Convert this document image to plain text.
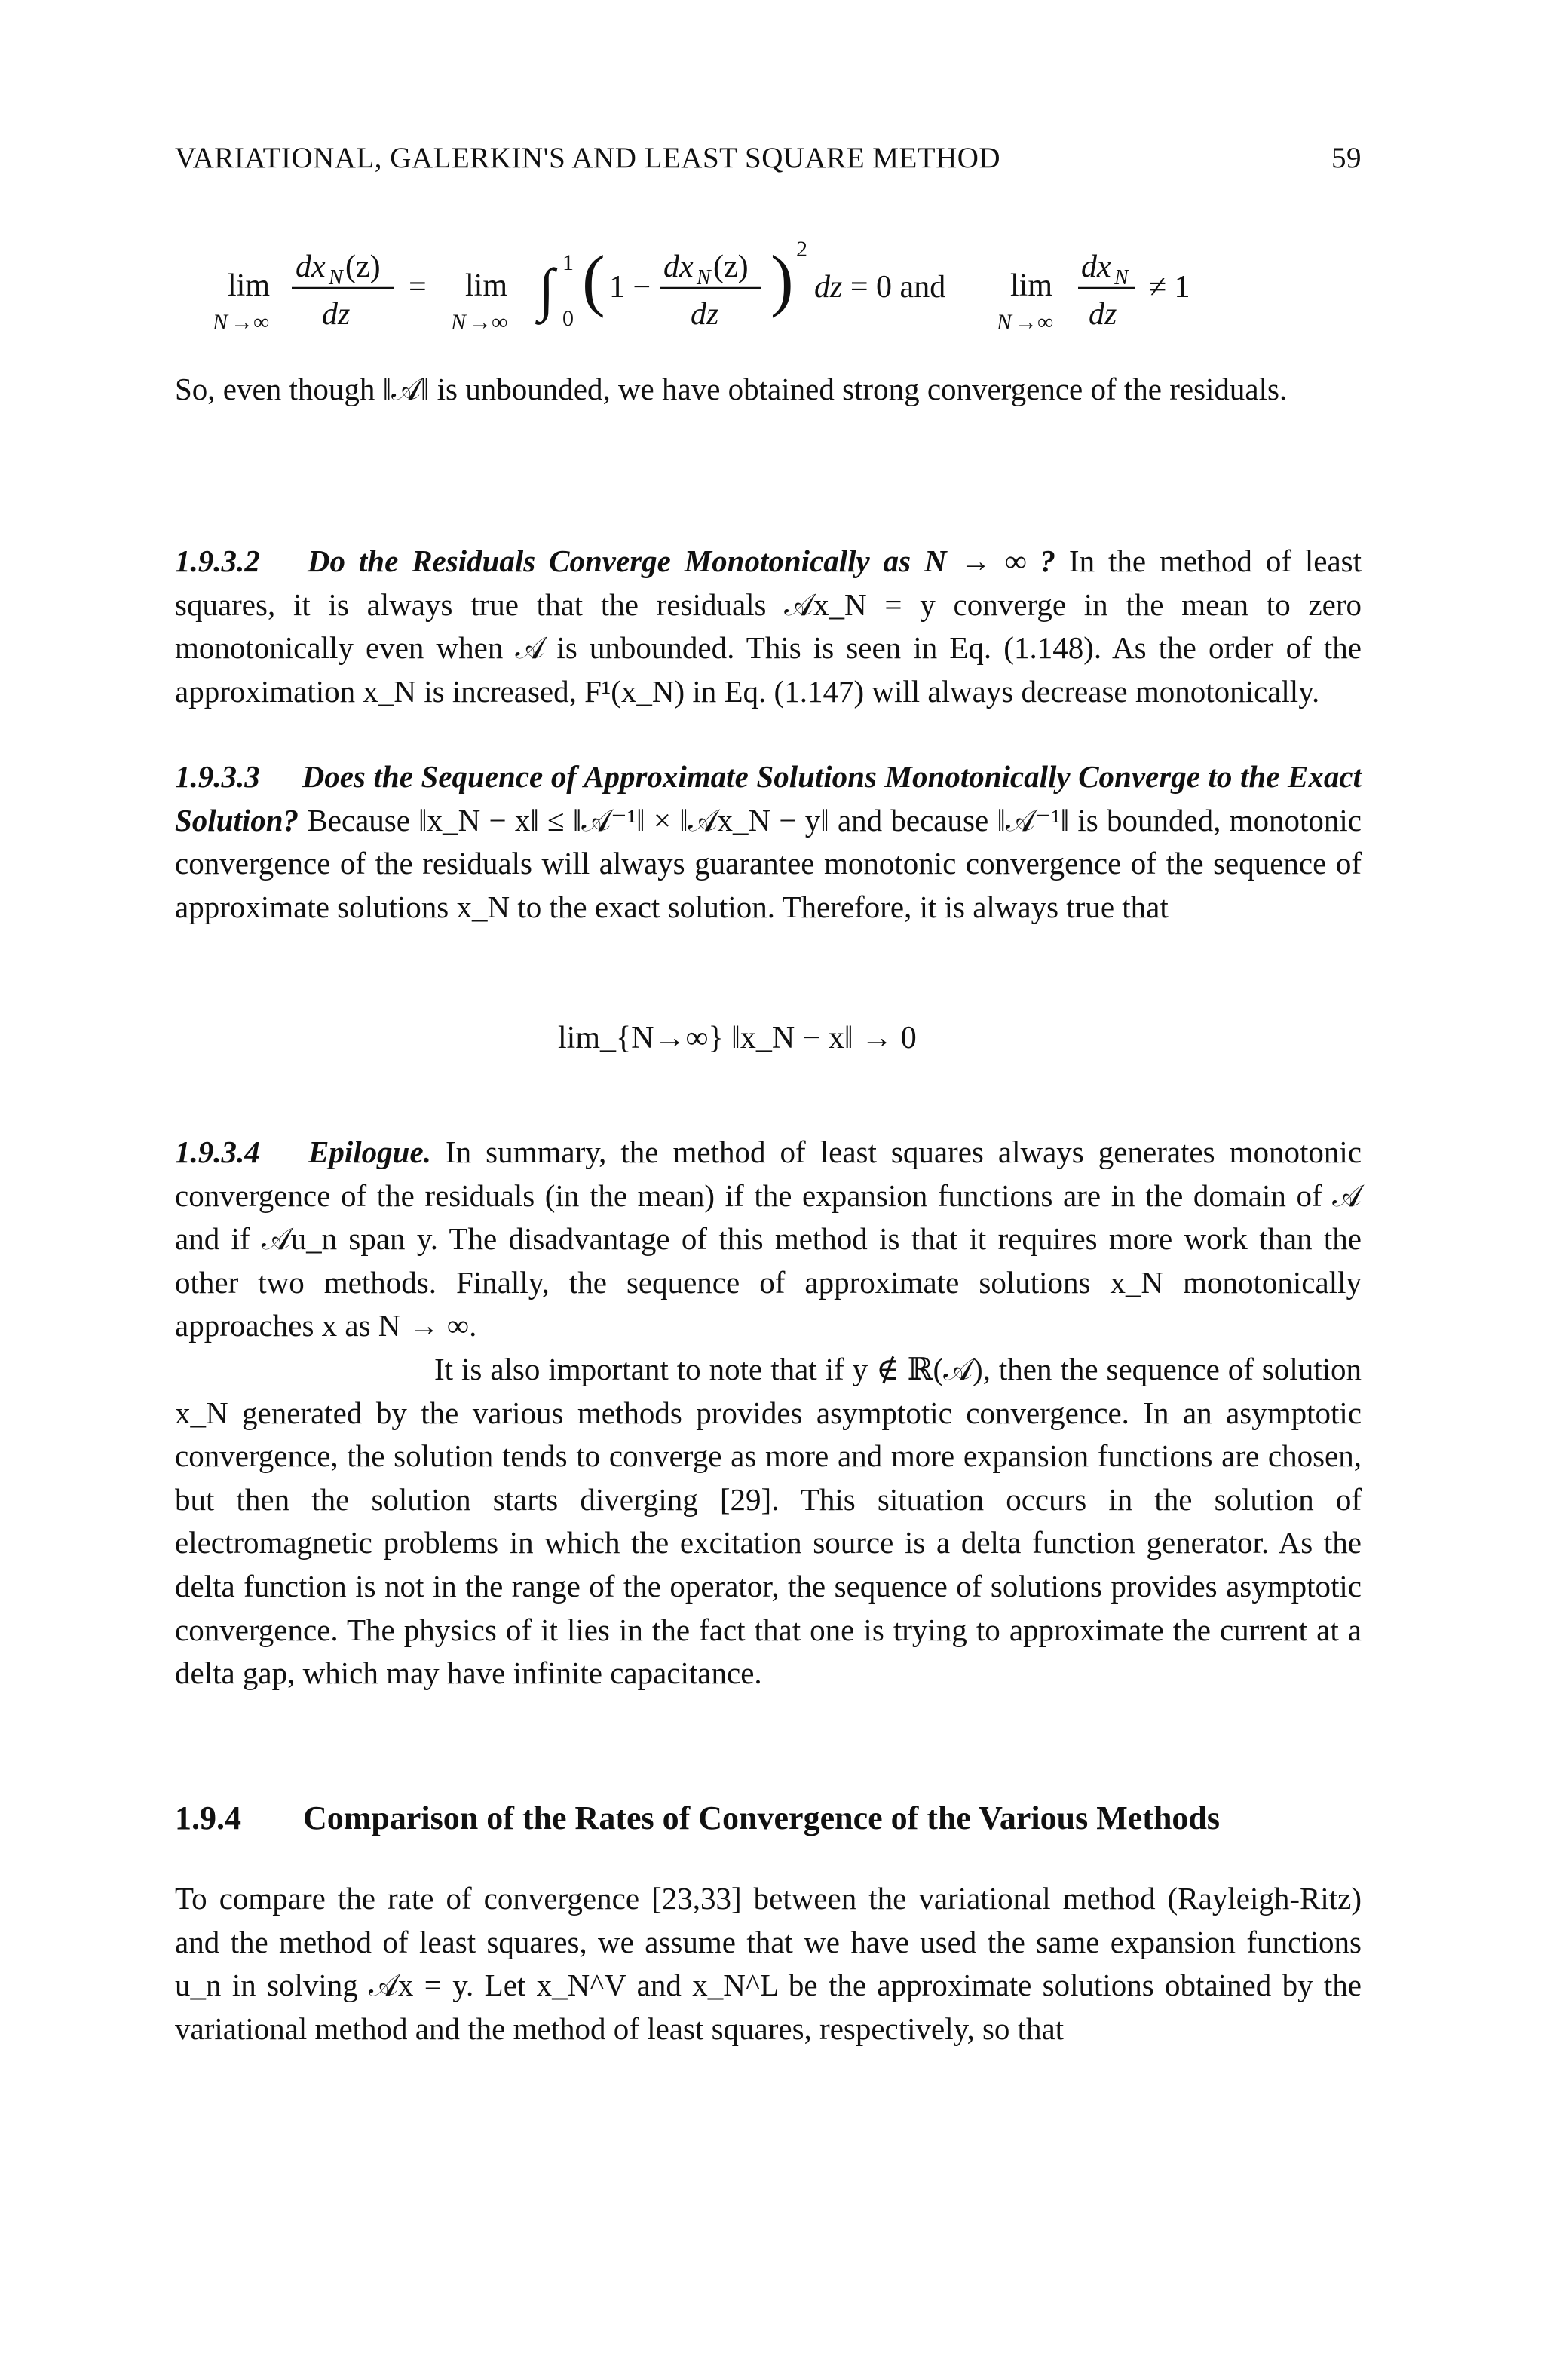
VARIATIONAL, GALERKIN'S AND LEAST SQUARE METHOD	59
lim
N →∞
dx N (z)
dz
= lim
N →∞
∫ 1
0
( 1 −
dx N (z)
dz ) 2
dz = 0 and lim
N →∞
dx N
dz
≠ 1
So, even though ‖𝒜‖ is unbounded, we have obtained strong convergence of the residuals.
1.9.3.2 Do the Residuals Converge Monotonically as N → ∞ ? In the method of least squares, it is always true that the residuals 𝒜x_N = y converge in the mean to zero monotonically even when 𝒜 is unbounded. This is seen in Eq. (1.148). As the order of the approximation x_N is increased, F¹(x_N) in Eq. (1.147) will always decrease monotonically.
1.9.3.3 Does the Sequence of Approximate Solutions Monotonically Converge to the Exact Solution? Because ‖x_N − x‖ ≤ ‖𝒜⁻¹‖ × ‖𝒜x_N − y‖ and because ‖𝒜⁻¹‖ is bounded, monotonic convergence of the residuals will always guarantee monotonic convergence of the sequence of approximate solutions x_N to the exact solution. Therefore, it is always true that
lim_{N→∞} ‖x_N − x‖ → 0
1.9.3.4 Epilogue. In summary, the method of least squares always generates monotonic convergence of the residuals (in the mean) if the expansion functions are in the domain of 𝒜 and if 𝒜u_n span y. The disadvantage of this method is that it requires more work than the other two methods. Finally, the sequence of approximate solutions x_N monotonically approaches x as N → ∞.
It is also important to note that if y ∉ ℝ(𝒜), then the sequence of solution x_N generated by the various methods provides asymptotic convergence. In an asymptotic convergence, the solution tends to converge as more and more expansion functions are chosen, but then the solution starts diverging [29]. This situation occurs in the solution of electromagnetic problems in which the excitation source is a delta function generator. As the delta function is not in the range of the operator, the sequence of solutions provides asymptotic convergence. The physics of it lies in the fact that one is trying to approximate the current at a delta gap, which may have infinite capacitance.
1.9.4 Comparison of the Rates of Convergence of the Various Methods
To compare the rate of convergence [23,33] between the variational method (Rayleigh-Ritz) and the method of least squares, we assume that we have used the same expansion functions u_n in solving 𝒜x = y. Let x_N^V and x_N^L be the approximate solutions obtained by the variational method and the method of least squares, respectively, so that
